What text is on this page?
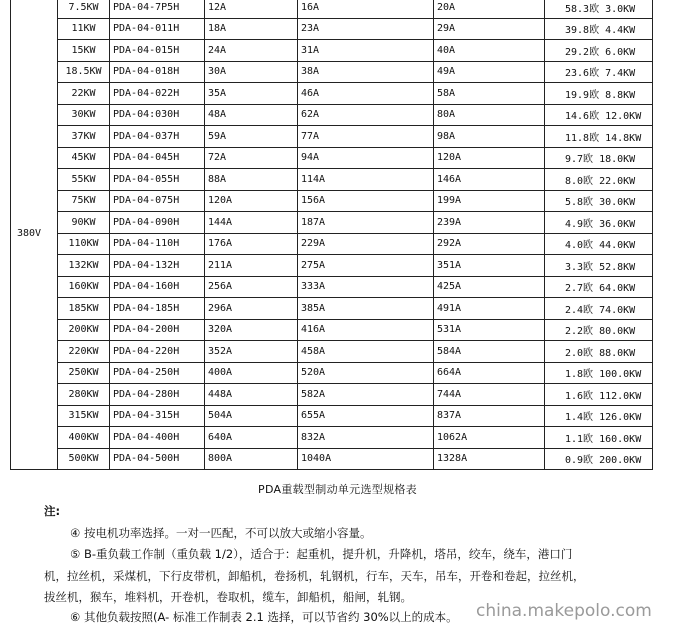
380V	7.5KW	PDA-04-7P5H	12A	16A	20A	58.3欧 3.0KW
	11KW	PDA-04-011H	18A	23A	29A	39.8欧 4.4KW
	15KW	PDA-04-015H	24A	31A	40A	29.2欧 6.0KW
	18.5KW	PDA-04-018H	30A	38A	49A	23.6欧 7.4KW
	22KW	PDA-04-022H	35A	46A	58A	19.9欧 8.8KW
	30KW	PDA-04:030H	48A	62A	80A	14.6欧 12.0KW
	37KW	PDA-04-037H	59A	77A	98A	11.8欧 14.8KW
	45KW	PDA-04-045H	72A	94A	120A	9.7欧 18.0KW
	55KW	PDA-04-055H	88A	114A	146A	8.0欧 22.0KW
	75KW	PDA-04-075H	120A	156A	199A	5.8欧 30.0KW
	90KW	PDA-04-090H	144A	187A	239A	4.9欧 36.0KW
	110KW	PDA-04-110H	176A	229A	292A	4.0欧 44.0KW
	132KW	PDA-04-132H	211A	275A	351A	3.3欧 52.8KW
	160KW	PDA-04-160H	256A	333A	425A	2.7欧 64.0KW
	185KW	PDA-04-185H	296A	385A	491A	2.4欧 74.0KW
	200KW	PDA-04-200H	320A	416A	531A	2.2欧 80.0KW
	220KW	PDA-04-220H	352A	458A	584A	2.0欧 88.0KW
	250KW	PDA-04-250H	400A	520A	664A	1.8欧 100.0KW
	280KW	PDA-04-280H	448A	582A	744A	1.6欧 112.0KW
	315KW	PDA-04-315H	504A	655A	837A	1.4欧 126.0KW
	400KW	PDA-04-400H	640A	832A	1062A	1.1欧 160.0KW
	500KW	PDA-04-500H	800A	1040A	1328A	0.9欧 200.0KW
PDA重载型制动单元选型规格表
注:
④ 按电机功率选择。一对一匹配，不可以放大或缩小容量。
⑤ B-重负载工作制（重负载 1/2），适合于：起重机，提升机，升降机，塔吊，绞车，绕车，港口门
机，拉丝机，采煤机，下行皮带机，卸船机，卷扬机，轧钢机，行车，天车，吊车，开卷和卷起，拉丝机，
拔丝机，猴车，堆料机，开卷机，卷取机，缆车，卸船机，船闸，轧钢。
⑥ 其他负载按照(A- 标准工作制表 2.1 选择，可以节省约 30%以上的成本。 china.makepolo.com
